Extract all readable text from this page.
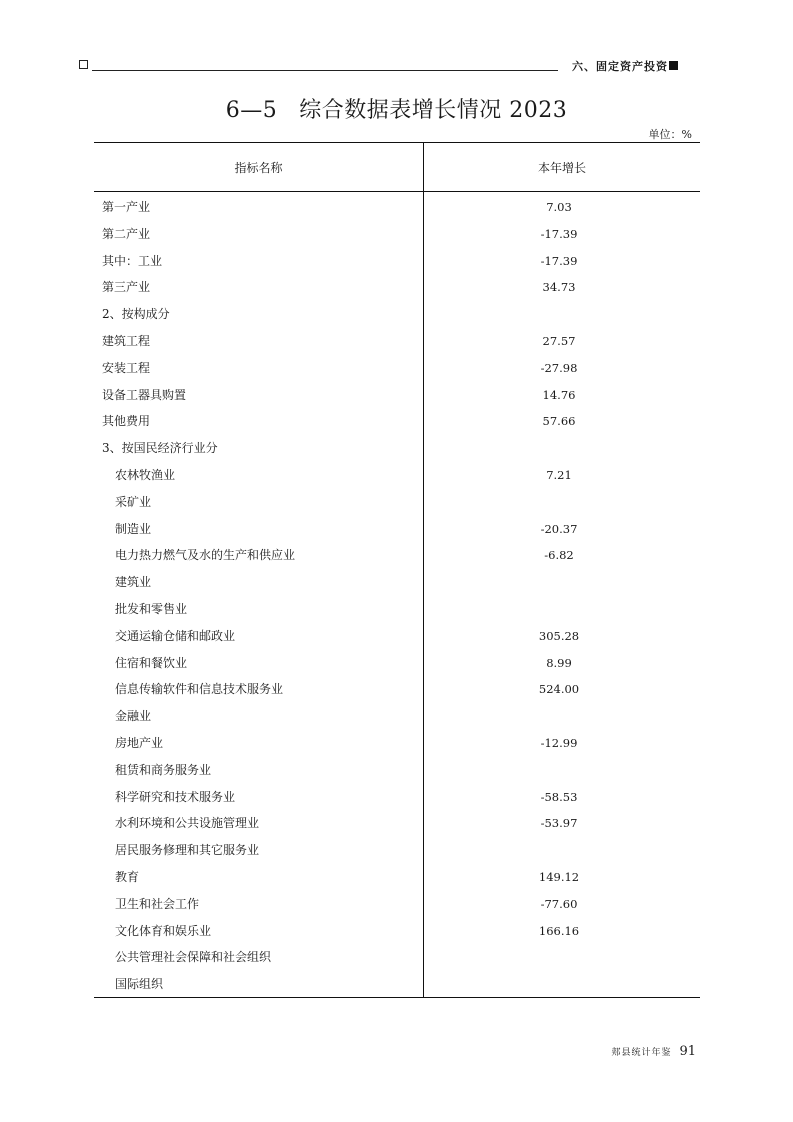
六、固定资产投资
6—5 综合数据表增长情况 2023
单位：%
指标名称	本年增长
第一产业	7.03
第二产业	-17.39
其中：工业	-17.39
第三产业	34.73
2、按构成分
建筑工程	27.57
安装工程	-27.98
设备工器具购置	14.76
其他费用	57.66
3、按国民经济行业分
农林牧渔业	7.21
采矿业
制造业	-20.37
电力热力燃气及水的生产和供应业	-6.82
建筑业
批发和零售业
交通运输仓储和邮政业	305.28
住宿和餐饮业	8.99
信息传输软件和信息技术服务业	524.00
金融业
房地产业	-12.99
租赁和商务服务业
科学研究和技术服务业	-58.53
水利环境和公共设施管理业	-53.97
居民服务修理和其它服务业
教育	149.12
卫生和社会工作	-77.60
文化体育和娱乐业	166.16
公共管理社会保障和社会组织
国际组织
郏县统计年鉴 91
